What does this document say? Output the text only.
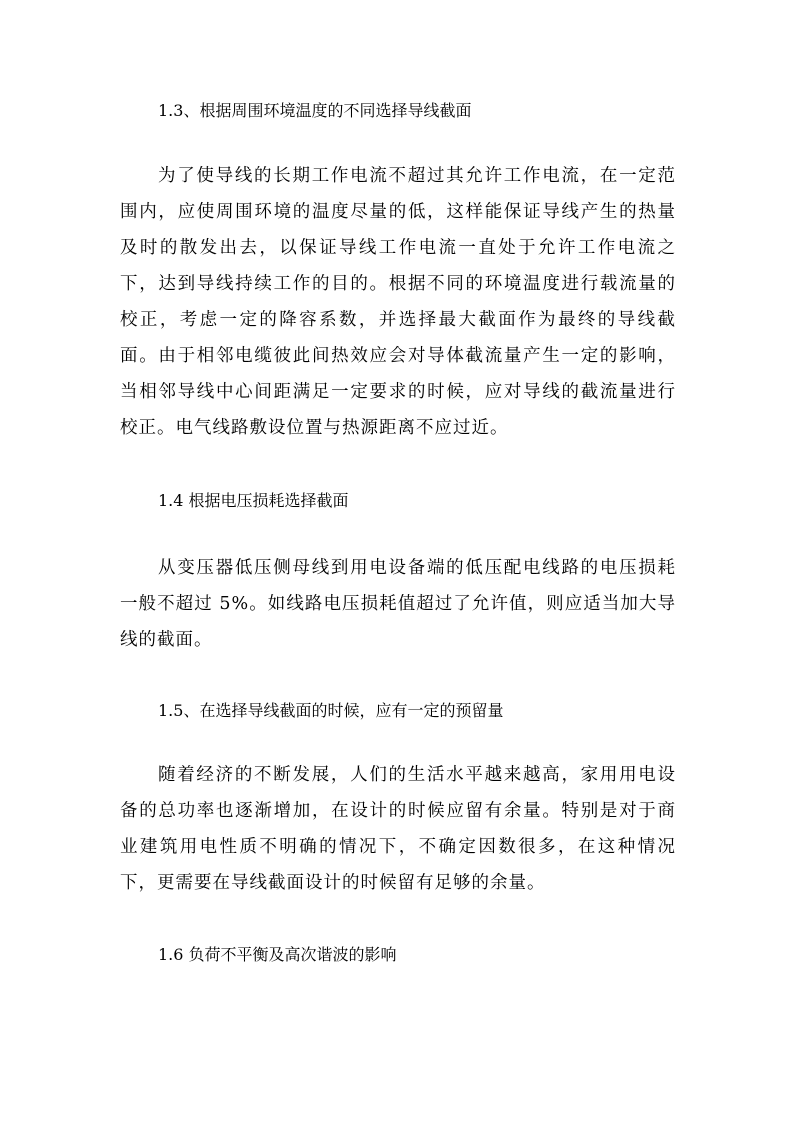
1.3、根据周围环境温度的不同选择导线截面
为了使导线的长期工作电流不超过其允许工作电流，在一定范
围内，应使周围环境的温度尽量的低，这样能保证导线产生的热量
及时的散发出去，以保证导线工作电流一直处于允许工作电流之
下，达到导线持续工作的目的。根据不同的环境温度进行载流量的
校正，考虑一定的降容系数，并选择最大截面作为最终的导线截
面。由于相邻电缆彼此间热效应会对导体截流量产生一定的影响，
当相邻导线中心间距满足一定要求的时候，应对导线的截流量进行
校正。电气线路敷设位置与热源距离不应过近。
1.4 根据电压损耗选择截面
从变压器低压侧母线到用电设备端的低压配电线路的电压损耗
一般不超过 5%。如线路电压损耗值超过了允许值，则应适当加大导
线的截面。
1.5、在选择导线截面的时候，应有一定的预留量
随着经济的不断发展，人们的生活水平越来越高，家用用电设
备的总功率也逐渐增加，在设计的时候应留有余量。特别是对于商
业建筑用电性质不明确的情况下，不确定因数很多，在这种情况
下，更需要在导线截面设计的时候留有足够的余量。
1.6 负荷不平衡及高次谐波的影响
